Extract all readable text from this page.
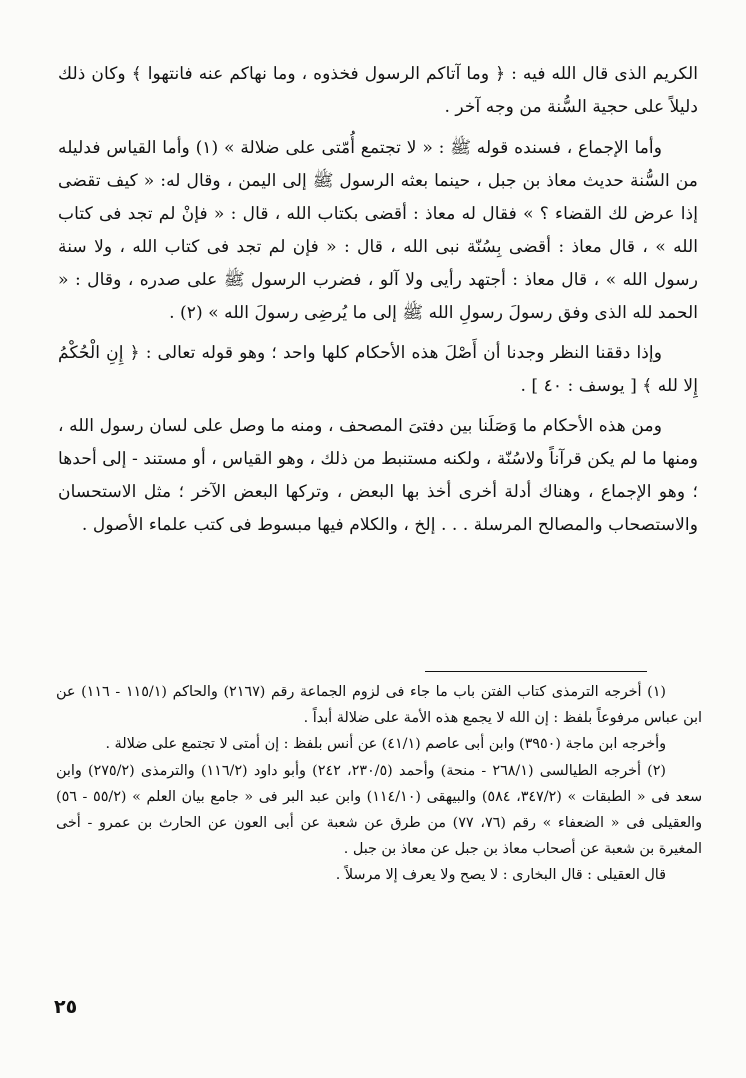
الكريم الذى قال الله فيه : ﴿ وما آتاكم الرسول فخذوه ، وما نهاكم عنه فانتهوا ﴾ وكان ذلك دليلاً على حجية السُّنة من وجه آخر .

وأما الإجماع ، فسنده قوله ﷺ : « لا تجتمع أُمّتى على ضلالة » (١) وأما القياس فدليله من السُّنة حديث معاذ بن جبل ، حينما بعثه الرسول ﷺ إلى اليمن ، وقال له: « كيف تقضى إذا عرض لك القضاء ؟ » فقال له معاذ : أقضى بكتاب الله ، قال : « فإنْ لم تجد فى كتاب الله » ، قال معاذ : أقضى بِسُنّة نبى الله ، قال : « فإن لم تجد فى كتاب الله ، ولا سنة رسول الله » ، قال معاذ : أجتهد رأيى ولا آلو ، فضرب الرسول ﷺ على صدره ، وقال : « الحمد لله الذى وفق رسولَ رسولِ الله ﷺ إلى ما يُرضِى رسولَ الله » (٢) .

وإذا دققنا النظر وجدنا أن أَصْلَ هذه الأحكام كلها واحد ؛ وهو قوله تعالى : ﴿ إِنِ الْحُكْمُ إِلا لله ﴾ [ يوسف : ٤٠ ] .

ومن هذه الأحكام ما وَصَلَنا بين دفتىَ المصحف ، ومنه ما وصل على لسان رسول الله ، ومنها ما لم يكن قرآناً ولاسُنّة ، ولكنه مستنبط من ذلك ، وهو القياس ، أو مستند - إلى أحدها ؛ وهو الإجماع ، وهناك أدلة أخرى أخذ بها البعض ، وتركها البعض الآخر ؛ مثل الاستحسان والاستصحاب والمصالح المرسلة . . . إلخ ، والكلام فيها مبسوط فى كتب علماء الأصول .

(١) أخرجه الترمذى كتاب الفتن باب ما جاء فى لزوم الجماعة رقم (٢١٦٧) والحاكم (١١٥/١ - ١١٦) عن ابن عباس مرفوعاً بلفظ : إن الله لا يجمع هذه الأمة على ضلالة أبداً .

وأخرجه ابن ماجة (٣٩٥٠) وابن أبى عاصم (٤١/١) عن أنس بلفظ : إن أمتى لا تجتمع على ضلالة .

(٢) أخرجه الطيالسى (٢٦٨/١ - منحة) وأحمد (٢٣٠/٥، ٢٤٢) وأبو داود (١١٦/٢) والترمذى (٢٧٥/٢) وابن سعد فى « الطبقات » (٣٤٧/٢، ٥٨٤) والبيهقى (١١٤/١٠) وابن عبد البر فى « جامع بيان العلم » (٥٥/٢ - ٥٦) والعقيلى فى « الضعفاء » رقم (٧٦، ٧٧) من طرق عن شعبة عن أبى العون عن الحارث بن عمرو - أخى المغيرة بن شعبة عن أصحاب معاذ بن جبل عن معاذ بن جبل .

قال العقيلى : قال البخارى : لا يصح ولا يعرف إلا مرسلاً .

٢٥
